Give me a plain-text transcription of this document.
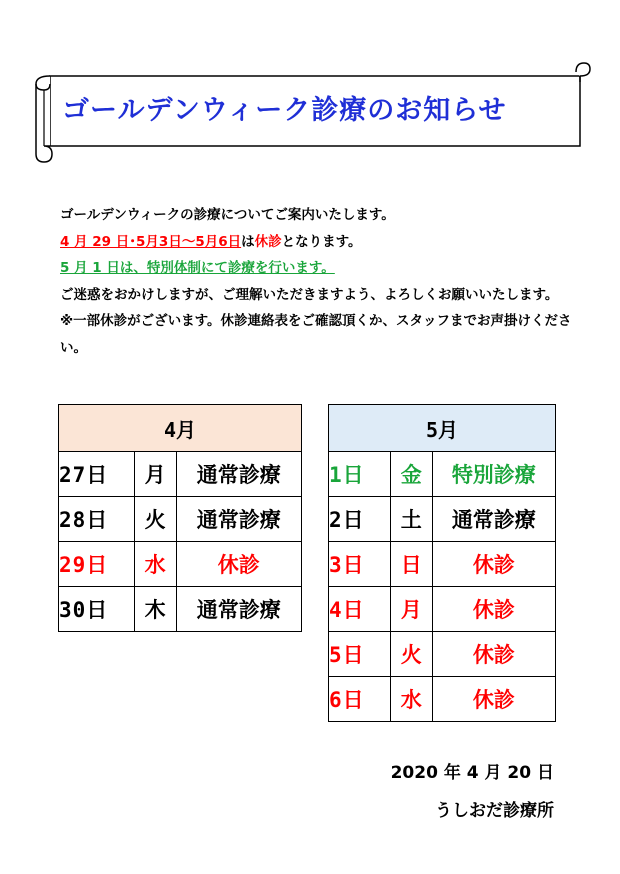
ゴールデンウィーク診療のお知らせ

ゴールデンウィークの診療についてご案内いたします。

4 月 29 日･5月3日～5月6日は休診となります。

5 月 1 日は、特別体制にて診療を行います。

ご迷惑をおかけしますが、ご理解いただきますよう、よろしくお願いいたします。

※一部休診がございます。休診連絡表をご確認頂くか、スタッフまでお声掛けください。

4月		
27日	月	通常診療
28日	火	通常診療
29日	水	休診
30日	木	通常診療
5月		
1日	金	特別診療
2日	土	通常診療
3日	日	休診
4日	月	休診
5日	火	休診
6日	水	休診

2020 年 4 月 20 日

うしおだ診療所
